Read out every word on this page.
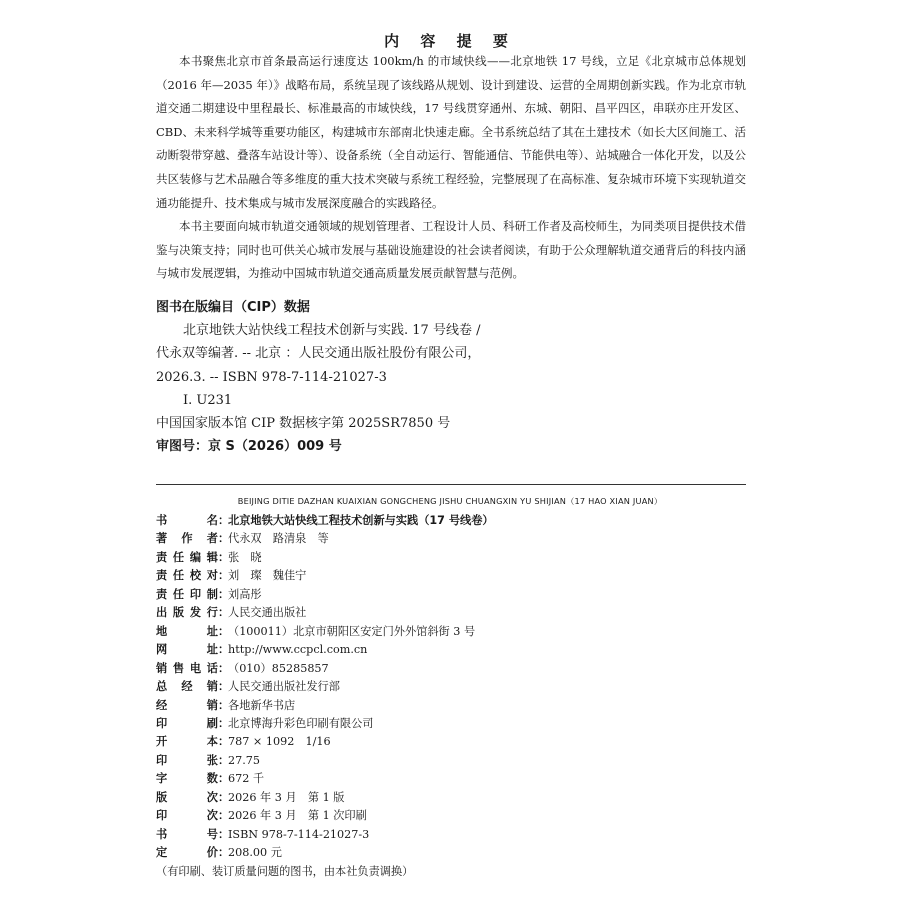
内 容 提 要

本书聚焦北京市首条最高运行速度达 100km/h 的市域快线——北京地铁 17 号线，立足《北京城市总体规划（2016 年—2035 年）》战略布局，系统呈现了该线路从规划、设计到建设、运营的全周期创新实践。作为北京市轨道交通二期建设中里程最长、标准最高的市域快线，17 号线贯穿通州、东城、朝阳、昌平四区，串联亦庄开发区、CBD、未来科学城等重要功能区，构建城市东部南北快速走廊。全书系统总结了其在土建技术（如长大区间施工、活动断裂带穿越、叠落车站设计等）、设备系统（全自动运行、智能通信、节能供电等）、站城融合一体化开发，以及公共区装修与艺术品融合等多维度的重大技术突破与系统工程经验，完整展现了在高标准、复杂城市环境下实现轨道交通功能提升、技术集成与城市发展深度融合的实践路径。

本书主要面向城市轨道交通领域的规划管理者、工程设计人员、科研工作者及高校师生，为同类项目提供技术借鉴与决策支持；同时也可供关心城市发展与基础设施建设的社会读者阅读，有助于公众理解轨道交通背后的科技内涵与城市发展逻辑，为推动中国城市轨道交通高质量发展贡献智慧与范例。

图书在版编目（CIP）数据
北京地铁大站快线工程技术创新与实践. 17 号线卷 /
代永双等编著. -- 北京 ：人民交通出版社股份有限公司，
2026.3. -- ISBN 978-7-114-21027-3
Ⅰ. U231
中国国家版本馆 CIP 数据核字第 2025SR7850 号
审图号：京 S（2026）009 号
BEIJING DITIE DAZHAN KUAIXIAN GONGCHENG JISHU CHUANGXIN YU SHIJIAN（17 HAO XIAN JUAN）
书	名 ：
北京地铁大站快线工程技术创新与实践（17 号线卷）
著 作 者 ：
代永双　路清泉　等
责 任 编 辑 ：
张　晓
责 任 校 对 ：
刘　璨　魏佳宁
责 任 印 制 ：
刘高彤
出 版 发 行 ：
人民交通出版社
地	址 ：
（100011）北京市朝阳区安定门外外馆斜街 3 号
网	址 ：
http://www.ccpcl.com.cn
销 售 电 话 ：
（010）85285857
总 经 销 ：
人民交通出版社发行部
经	销 ：
各地新华书店
印	刷 ：
北京博海升彩色印刷有限公司
开	本 ：
787 × 1092　1/16
印	张 ：
27.75
字	数 ：
672 千
版	次 ：
2026 年 3 月　第 1 版
印	次 ：
2026 年 3 月　第 1 次印刷
书	号 ：
ISBN 978-7-114-21027-3
定	价 ：
208.00 元
（有印刷、装订质量问题的图书，由本社负责调换）
